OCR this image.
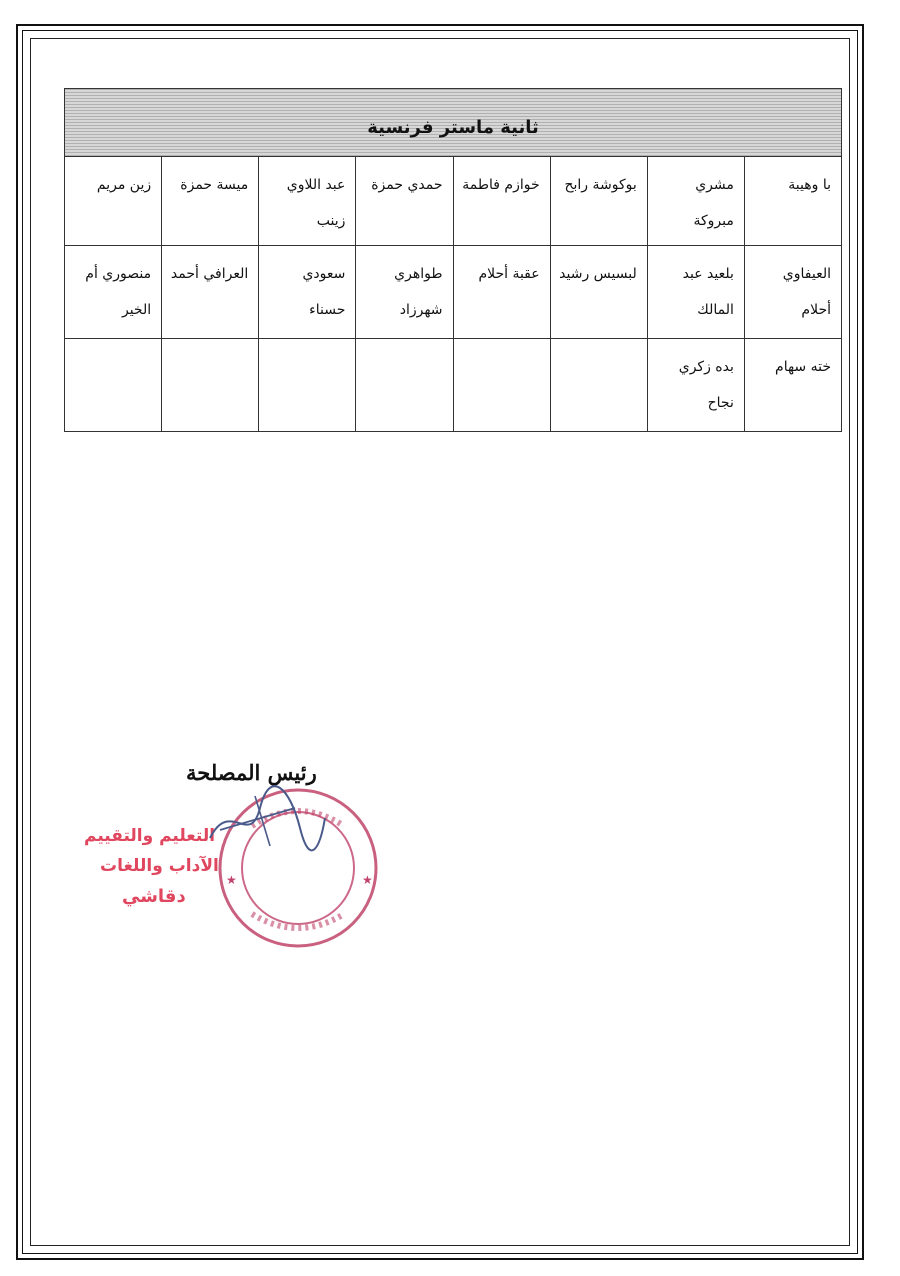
ثانية ماستر فرنسية
با وهيبة	مشري مبروكة	بوكوشة رابح	خوازم فاطمة	حمدي حمزة	عبد اللاوي زينب	ميسة حمزة	زين مريم
العيفاوي أحلام	بلعيد عبد المالك	لبسيس رشيد	عقبة أحلام	طواهري شهرزاد	سعودي حسناء	العرافي أحمد	منصوري أم الخير
خته سهام	بده زكري نجاح						
رئيس المصلحة
★
★
التعليم والتقييم
الآداب واللغات
دقاشي
